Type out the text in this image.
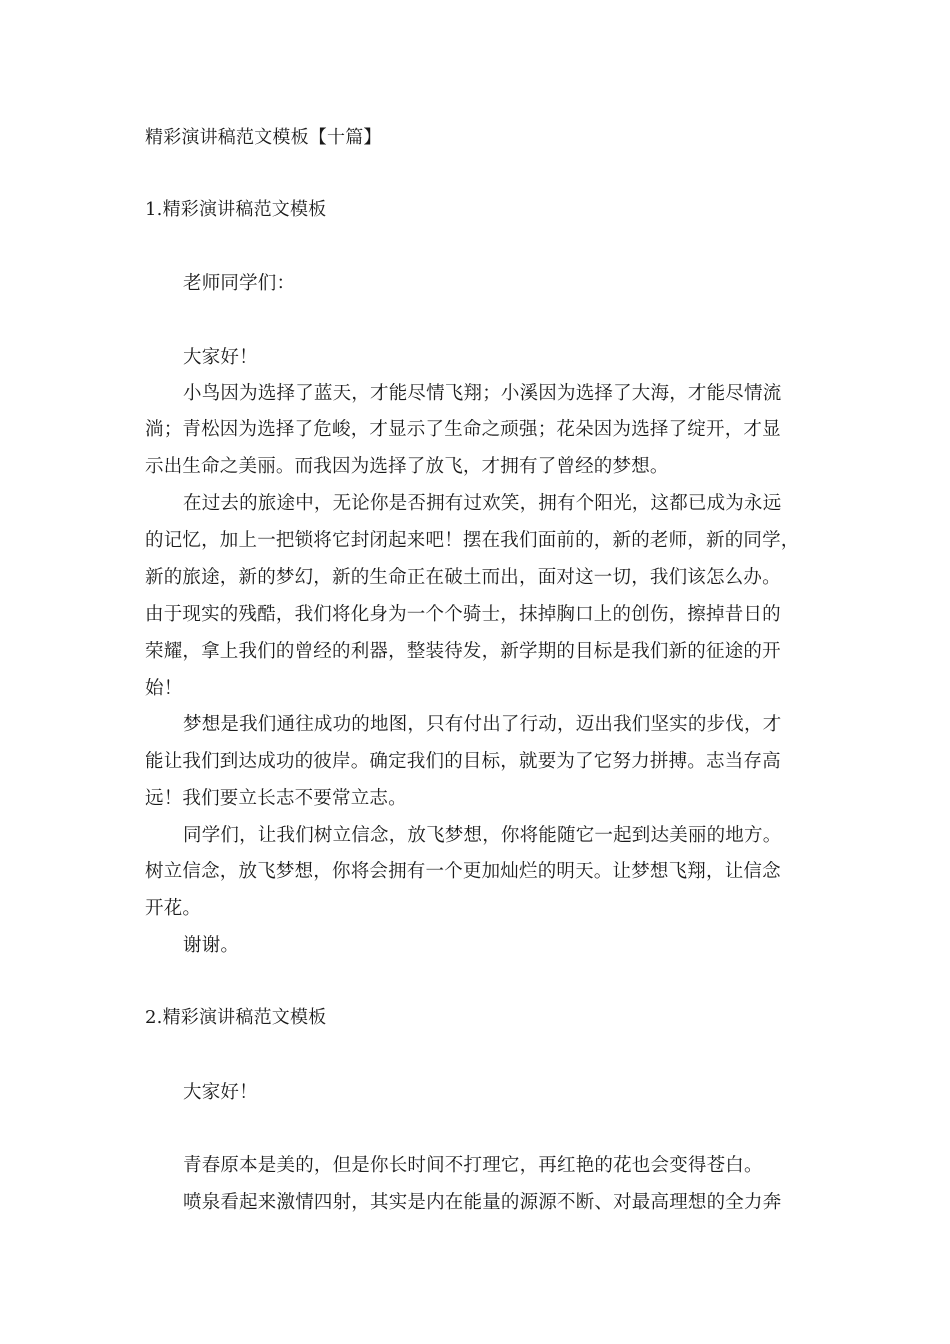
精彩演讲稿范文模板【十篇】
1.精彩演讲稿范文模板
老师同学们：
大家好！
小鸟因为选择了蓝天，才能尽情飞翔；小溪因为选择了大海，才能尽情流
淌；青松因为选择了危峻，才显示了生命之顽强；花朵因为选择了绽开，才显
示出生命之美丽。而我因为选择了放飞，才拥有了曾经的梦想。
在过去的旅途中，无论你是否拥有过欢笑，拥有个阳光，这都已成为永远
的记忆，加上一把锁将它封闭起来吧！摆在我们面前的，新的老师，新的同学，
新的旅途，新的梦幻，新的生命正在破土而出，面对这一切，我们该怎么办。
由于现实的残酷，我们将化身为一个个骑士，抹掉胸口上的创伤，擦掉昔日的
荣耀，拿上我们的曾经的利器，整装待发，新学期的目标是我们新的征途的开
始！
梦想是我们通往成功的地图，只有付出了行动，迈出我们坚实的步伐，才
能让我们到达成功的彼岸。确定我们的目标，就要为了它努力拼搏。志当存高
远！我们要立长志不要常立志。
同学们，让我们树立信念，放飞梦想，你将能随它一起到达美丽的地方。
树立信念，放飞梦想，你将会拥有一个更加灿烂的明天。让梦想飞翔，让信念
开花。
谢谢。
2.精彩演讲稿范文模板
大家好！
青春原本是美的，但是你长时间不打理它，再红艳的花也会变得苍白。
喷泉看起来激情四射，其实是内在能量的源源不断、对最高理想的全力奔
